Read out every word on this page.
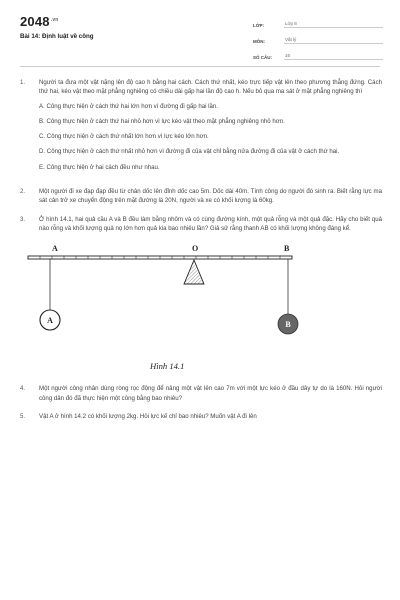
$2048^{.vn}$
Bài 14: Định luật về công
LỚP:	Lớp 8
MÔN:	Vật lý
SỐ CÂU:	16
1.	Người ta đưa một vật nặng lên độ cao h bằng hai cách. Cách thứ nhất, kéo trực tiếp vật lên theo phương thẳng đứng. Cách thứ hai, kéo vật theo mặt phẳng nghiêng có chiều dài gấp hai lần độ cao h. Nếu bỏ qua ma sát ở mặt phẳng nghiêng thì
A. Công thực hiện ở cách thứ hai lớn hơn vì đường đi gấp hai lần.
B. Công thực hiện ở cách thứ hai nhỏ hơn vì lực kéo vật theo mặt phẳng nghiêng nhỏ hơn.
C. Công thực hiện ở cách thứ nhất lớn hơn vì lực kéo lớn hơn.
D. Công thực hiện ở cách thứ nhất nhỏ hơn vì đường đi của vật chỉ bằng nửa đường đi của vật ở cách thứ hai.
E. Công thực hiện ở hai cách đều như nhau.
2.	Một người đi xe đạp đạp đều từ chân dốc lên đỉnh dốc cao 5m. Dốc dài 40m. Tính công do người đó sinh ra. Biết rằng lực ma sát cản trở xe chuyển động trên mặt đường là 20N, người và xe có khối lượng là 60kg.
3.	Ở hình 14.1, hai quả cầu A và B đều làm bằng nhôm và có cùng đường kính, một quả rỗng và một quả đặc. Hãy cho biết quả nào rỗng và khối lượng quả nọ lớn hơn quả kia bao nhiêu lần? Giả sử rằng thanh AB có khối lượng không đáng kể.
A	O	B
A	B
Hình 14.1
4.	Một người công nhân dùng ròng rọc động để nâng một vật lên cao 7m với một lực kéo ở đầu dây tự do là 160N. Hỏi người công dân đó đã thực hiện một công bằng bao nhiêu?
5.	Vật A ở hình 14.2 có khối lượng 2kg. Hỏi lực kế chỉ bao nhiêu? Muốn vật A đi lên
